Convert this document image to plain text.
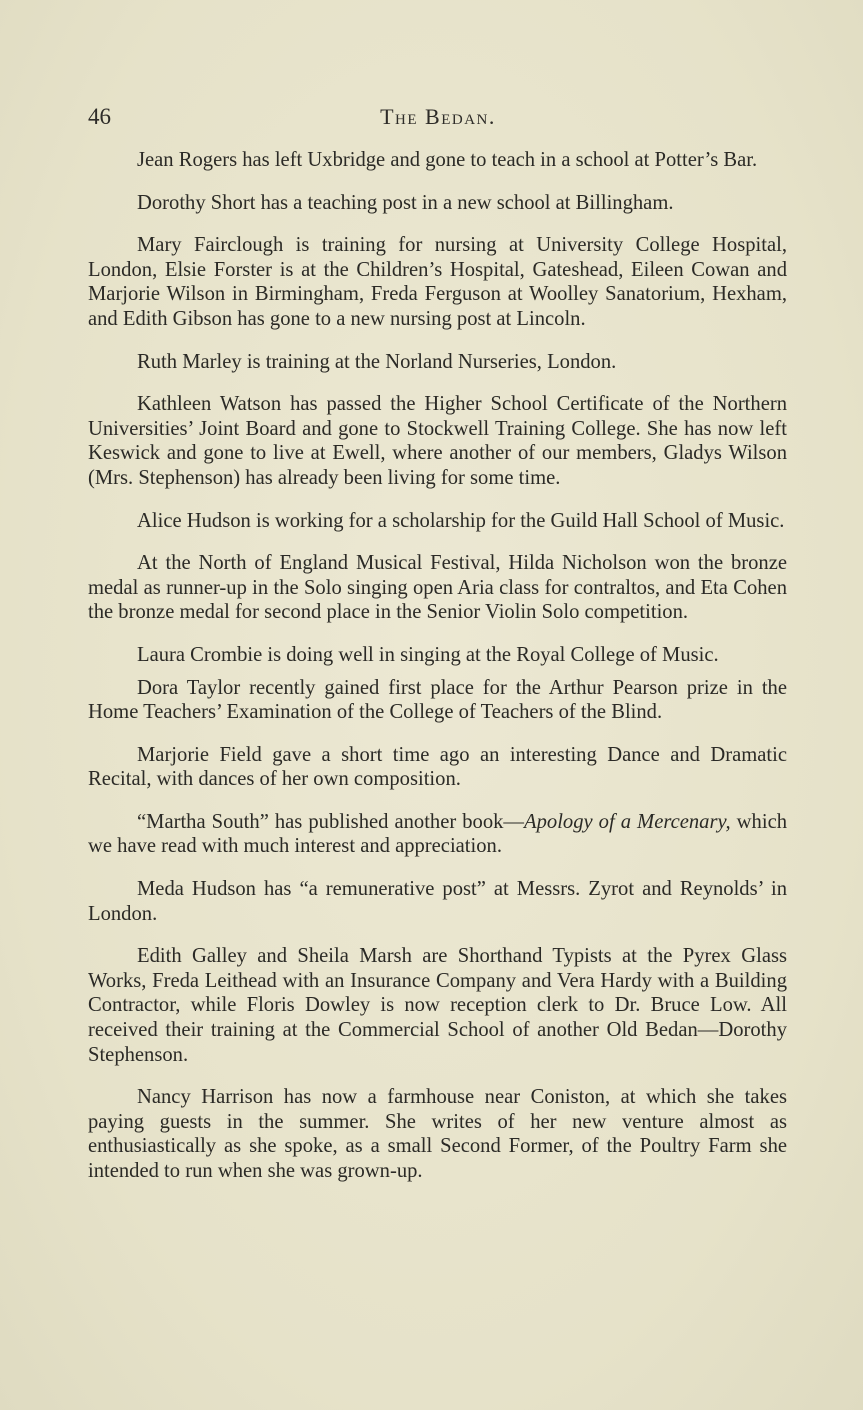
46	The Bedan.

Jean Rogers has left Uxbridge and gone to teach in a school at Potter’s Bar.

Dorothy Short has a teaching post in a new school at Billingham.

Mary Fairclough is training for nursing at University College Hospital, London, Elsie Forster is at the Children’s Hospital, Gateshead, Eileen Cowan and Marjorie Wilson in Birmingham, Freda Ferguson at Woolley Sanatorium, Hexham, and Edith Gibson has gone to a new nursing post at Lincoln.

Ruth Marley is training at the Norland Nurseries, London.

Kathleen Watson has passed the Higher School Certificate of the Northern Universities’ Joint Board and gone to Stockwell Training College. She has now left Keswick and gone to live at Ewell, where another of our members, Gladys Wilson (Mrs. Stephenson) has already been living for some time.

Alice Hudson is working for a scholarship for the Guild Hall School of Music.

At the North of England Musical Festival, Hilda Nicholson won the bronze medal as runner-up in the Solo singing open Aria class for contraltos, and Eta Cohen the bronze medal for second place in the Senior Violin Solo competition.

Laura Crombie is doing well in singing at the Royal College of Music.

Dora Taylor recently gained first place for the Arthur Pearson prize in the Home Teachers’ Examination of the College of Teachers of the Blind.

Marjorie Field gave a short time ago an interesting Dance and Dramatic Recital, with dances of her own composition.

“Martha South” has published another book—Apology of a Mercenary, which we have read with much interest and appreciation.

Meda Hudson has “a remunerative post” at Messrs. Zyrot and Reynolds’ in London.

Edith Galley and Sheila Marsh are Shorthand Typists at the Pyrex Glass Works, Freda Leithead with an Insurance Company and Vera Hardy with a Building Contractor, while Floris Dowley is now reception clerk to Dr. Bruce Low. All received their training at the Commercial School of another Old Bedan—Dorothy Stephenson.

Nancy Harrison has now a farmhouse near Coniston, at which she takes paying guests in the summer. She writes of her new venture almost as enthusiastically as she spoke, as a small Second Former, of the Poultry Farm she intended to run when she was grown-up.
